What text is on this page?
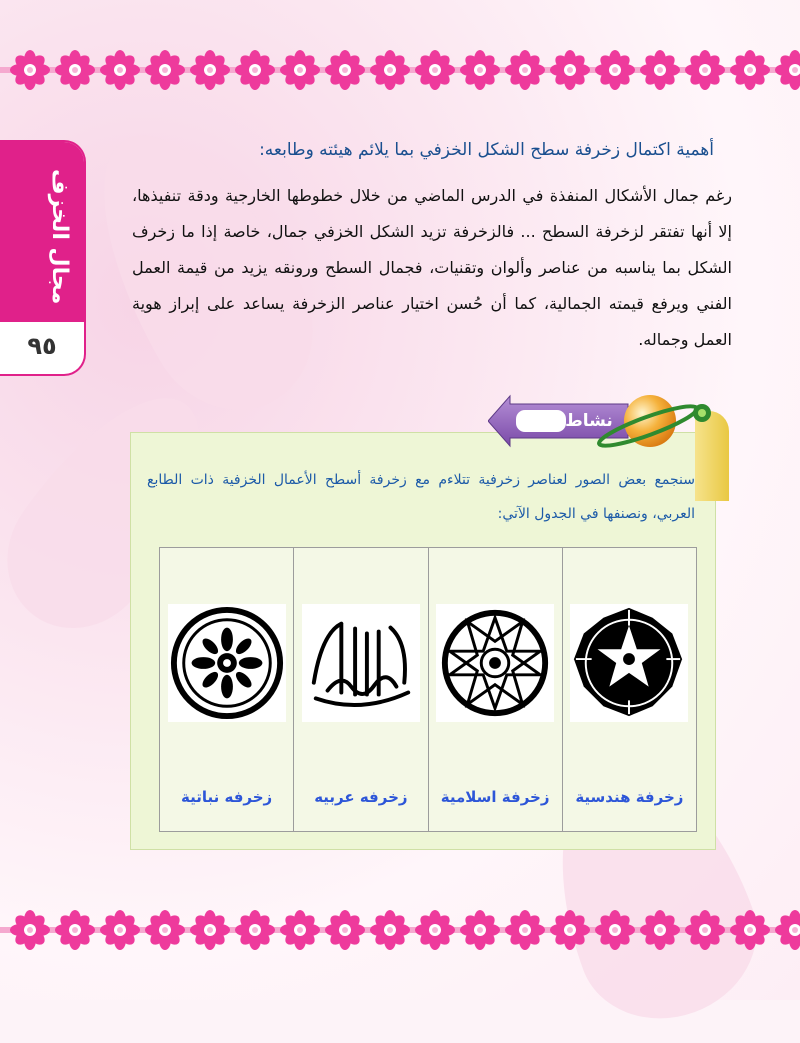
مجال الخزف
٩٥
أهمية اكتمال زخرفة سطح الشكل الخزفي بما يلائم هيئته وطابعه:
رغم جمال الأشكال المنفذة في الدرس الماضي من خلال خطوطها الخارجية ودقة تنفيذها، إلا أنها تفتقر لزخرفة السطح ... فالزخرفة تزيد الشكل الخزفي جمال، خاصة إذا ما زخرف الشكل بما يناسبه من عناصر وألوان وتقنيات، فجمال السطح ورونقه يزيد من قيمة العمل الفني ويرفع قيمته الجمالية، كما أن حُسن اختيار عناصر الزخرفة يساعد على إبراز هوية العمل وجماله.
سنجمع بعض الصور لعناصر زخرفية تتلاءم مع زخرفة أسطح الأعمال الخزفية ذات الطابع العربي، ونصنفها في الجدول الآتي:
زخرفه نباتية	زخرفه عربيه	زخرفة اسلامية	زخرفة هندسية
نشاط (٢)
